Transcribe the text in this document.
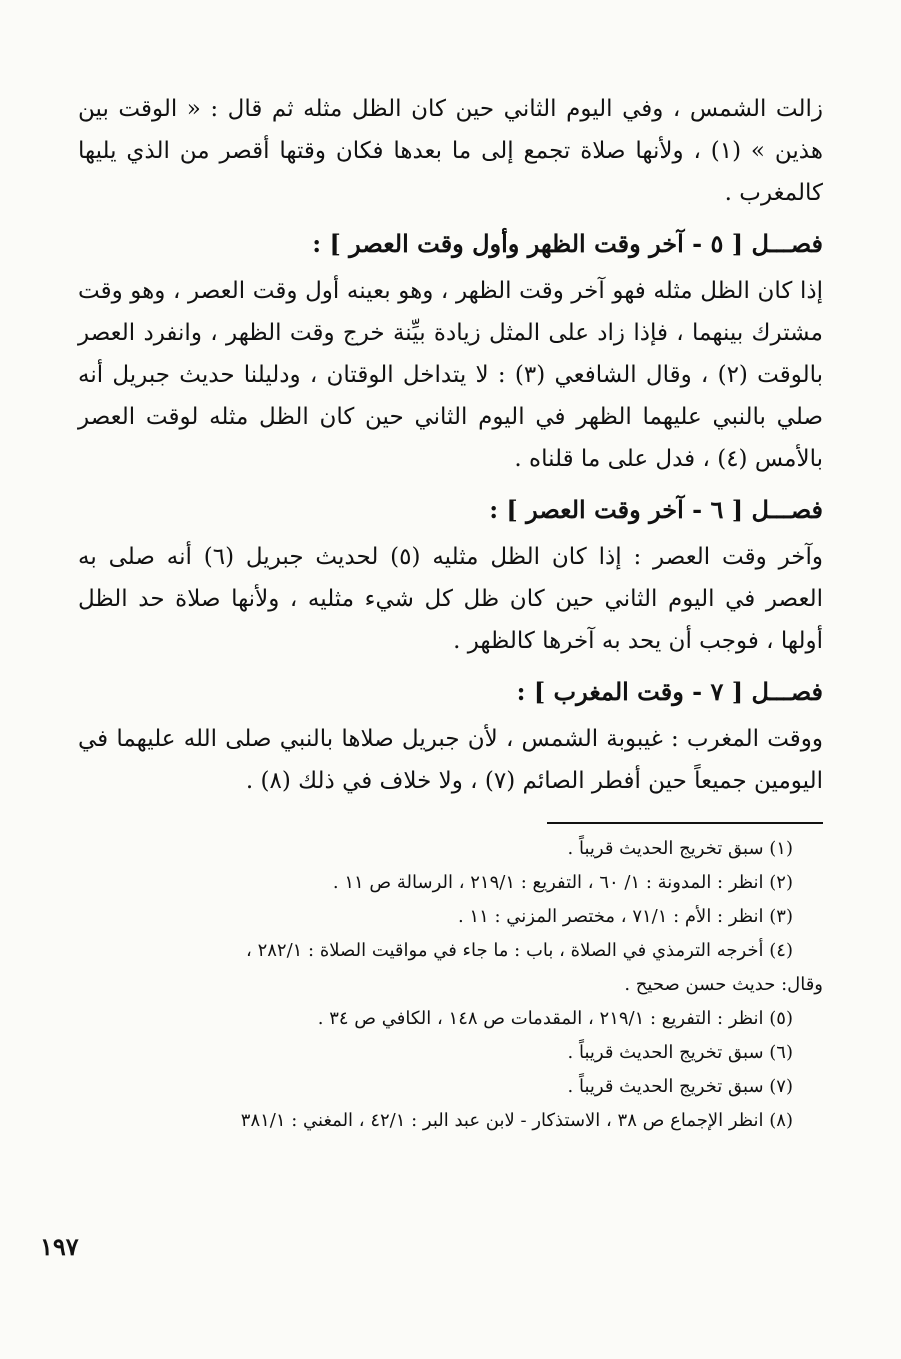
زالت الشمس ، وفي اليوم الثاني حين كان الظل مثله ثم قال : « الوقت بين هذين » (١) ، ولأنها صلاة تجمع إلى ما بعدها فكان وقتها أقصر من الذي يليها كالمغرب .

فصـــل [ ٥ - آخر وقت الظهر وأول وقت العصر ] :

إذا كان الظل مثله فهو آخر وقت الظهر ، وهو بعينه أول وقت العصر ، وهو وقت مشترك بينهما ، فإذا زاد على المثل زيادة بيِّنة خرج وقت الظهر ، وانفرد العصر بالوقت (٢) ، وقال الشافعي (٣) : لا يتداخل الوقتان ، ودليلنا حديث جبريل أنه صلي بالنبي عليهما الظهر في اليوم الثاني حين كان الظل مثله لوقت العصر بالأمس (٤) ، فدل على ما قلناه .

فصـــل [ ٦ - آخر وقت العصر ] :

وآخر وقت العصر : إذا كان الظل مثليه (٥) لحديث جبريل (٦) أنه صلى به العصر في اليوم الثاني حين كان ظل كل شيء مثليه ، ولأنها صلاة حد الظل أولها ، فوجب أن يحد به آخرها كالظهر .

فصـــل [ ٧ - وقت المغرب ] :

ووقت المغرب : غيبوبة الشمس ، لأن جبريل صلاها بالنبي صلى الله عليهما في اليومين جميعاً حين أفطر الصائم (٧) ، ولا خلاف في ذلك (٨) .

(١) سبق تخريج الحديث قريباً .

(٢) انظر : المدونة : ١/ ٦٠ ، التفريع : ٢١٩/١ ، الرسالة ص ١١ .

(٣) انظر : الأم : ٧١/١ ، مختصر المزني : ١١ .

(٤) أخرجه الترمذي في الصلاة ، باب : ما جاء في مواقيت الصلاة : ٢٨٢/١ ،

وقال: حديث حسن صحيح .

(٥) انظر : التفريع : ٢١٩/١ ، المقدمات ص ١٤٨ ، الكافي ص ٣٤ .

(٦) سبق تخريج الحديث قريباً .

(٧) سبق تخريج الحديث قريباً .

(٨) انظر الإجماع ص ٣٨ ، الاستذكار - لابن عبد البر : ٤٢/١ ، المغني : ٣٨١/١

١٩٧
